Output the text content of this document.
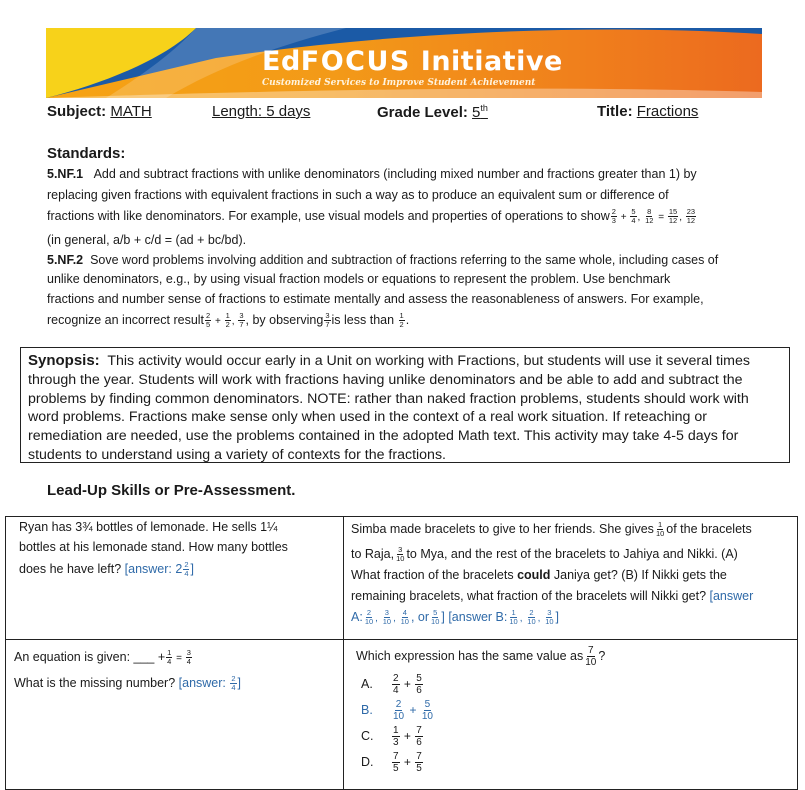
EdFOCUS Initiative

Customized Services to Improve Student Achievement

Subject: MATH	Length: 5 days	Grade Level: 5th	Title: Fractions
Standards:
5.NF.1 Add and subtract fractions with unlike denominators (including mixed number and fractions greater than 1) by
replacing given fractions with equivalent fractions in such a way as to produce an equivalent sum or difference of
fractions with like denominators. For example, use visual models and properties of operations to show $\frac{2}{3} + \frac{5}{4}$ , $\frac{8}{12} = \frac{15}{12}$ , $\frac{23}{12}$
(in general, a/b + c/d = (ad + bc/bd).
5.NF.2 Sove word problems involving addition and subtraction of fractions referring to the same whole, including cases of
unlike denominators, e.g., by using visual fraction models or equations to represent the problem. Use benchmark
fractions and number sense of fractions to estimate mentally and assess the reasonableness of answers. For example,
recognize an incorrect result $\frac{2}{5} + \frac{1}{2}$ , $\frac{3}{7}$ , by observing $\frac{3}{7}$ is less than $\frac{1}{2}$ .

Synopsis: This activity would occur early in a Unit on working with Fractions, but students will use it several times through the year. Students will work with fractions having unlike denominators and be able to add and subtract the problems by finding common denominators. NOTE: rather than naked fraction problems, students should work with word problems. Fractions make sense only when used in the context of a real work situation. If reteaching or remediation are needed, use the problems contained in the adopted Math text. This activity may take 4-5 days for students to understand using a variety of contexts for the fractions.

Lead-Up Skills or Pre-Assessment.
Ryan has 3¾ bottles of lemonade. He sells 1¼
bottles at his lemonade stand. How many bottles
does he have left? [answer: $2 \frac{2}{4}$ ]
Simba made bracelets to give to her friends. She gives $\frac{1}{10}$ of the bracelets
to Raja, $\frac{3}{10}$ to Mya, and the rest of the bracelets to Jahiya and Nikki. (A)
What fraction of the bracelets could Janiya get? (B) If Nikki gets the
remaining bracelets, what fraction of the bracelets will Nikki get? [answer
A: $\frac{2}{10}$ , $\frac{3}{10}$ , $\frac{4}{10}$ , or $\frac{5}{10}$ ] [answer B: $\frac{1}{10}$ , $\frac{2}{10}$ , $\frac{3}{10}$ ]
An equation is given: ___ + $\frac{1}{4} = \frac{3}{4}$
What is the missing number? [answer: $\frac{2}{4}$ ]
Which expression has the same value as $\frac{7}{10}$ ?
A. $\frac{2}{4} + \frac{5}{6}$
B. $\frac{2}{10} + \frac{5}{10}$
C. $\frac{1}{3} + \frac{7}{6}$
D. $\frac{7}{5} + \frac{7}{5}$
